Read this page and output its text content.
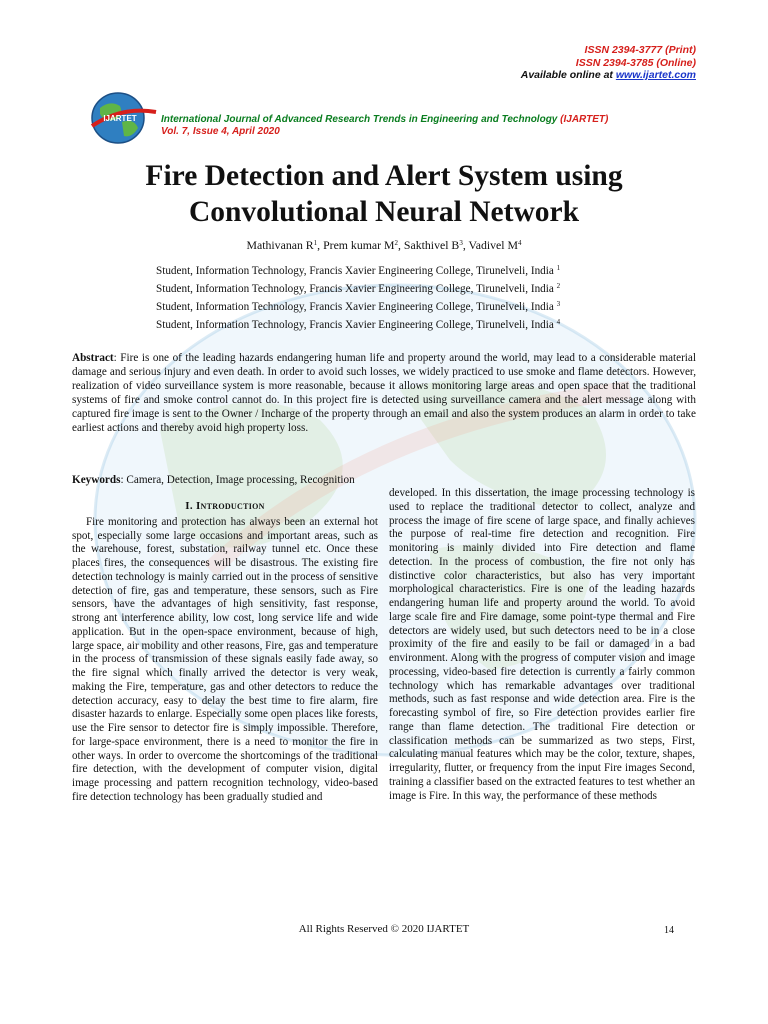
ISSN 2394-3777 (Print)
ISSN 2394-3785 (Online)
Available online at www.ijartet.com
IJARTET International Journal of Advanced Research Trends in Engineering and Technology (IJARTET)
Vol. 7, Issue 4, April 2020
Fire Detection and Alert System using
Convolutional Neural Network
Mathivanan $R^1$, Prem kumar $M^2$, Sakthivel $B^3$, Vadivel $M^4$
Student, Information Technology, Francis Xavier Engineering College, Tirunelveli, India $^1$
Student, Information Technology, Francis Xavier Engineering College, Tirunelveli, India $^2$
Student, Information Technology, Francis Xavier Engineering College, Tirunelveli, India $^3$
Student, Information Technology, Francis Xavier Engineering College, Tirunelveli, India $^4$
Abstract: Fire is one of the leading hazards endangering human life and property around the world, may lead to a considerable material damage and serious injury and even death. In order to avoid such losses, we widely practiced to use smoke and flame detectors. However, realization of video surveillance system is more reasonable, because it allows monitoring large areas and open space that the traditional systems of fire and smoke control cannot do. In this project fire is detected using surveillance camera and the alert message along with captured fire image is sent to the Owner / Incharge of the property through an email and also the system produces an alarm in order to take earliest actions and thereby avoid high property loss.
Keywords: Camera, Detection, Image processing, Recognition
I. Introduction

Fire monitoring and protection has always been an external hot spot, especially some large occasions and important areas, such as the warehouse, forest, substation, railway tunnel etc. Once these places fires, the consequences will be disastrous. The existing fire detection technology is mainly carried out in the process of sensitive detection of fire, gas and temperature, these sensors, such as Fire sensors, have the advantages of high sensitivity, fast response, strong ant interference ability, low cost, long service life and wide application. But in the open-space environment, because of high, large space, air mobility and other reasons, Fire, gas and temperature in the process of transmission of these signals easily fade away, so the fire signal which finally arrived the detector is very weak, making the Fire, temperature, gas and other detectors to reduce the detection accuracy, easy to delay the best time to fire alarm, fire disaster hazards to enlarge. Especially some open places like forests, use the Fire sensor to detector fire is simply impossible. Therefore, for large-space environment, there is a need to monitor the fire in other ways. In order to overcome the shortcomings of the traditional fire detection, with the development of computer vision, digital image processing and pattern recognition technology, video-based fire detection technology has been gradually studied and

developed. In this dissertation, the image processing technology is used to replace the traditional detector to collect, analyze and process the image of fire scene of large space, and finally achieves the purpose of real-time fire detection and recognition. Fire monitoring is mainly divided into Fire detection and flame detection. In the process of combustion, the fire not only has distinctive color characteristics, but also has very important morphological characteristics. Fire is one of the leading hazards endangering human life and property around the world. To avoid large scale fire and Fire damage, some point-type thermal and Fire detectors are widely used, but such detectors need to be in a close proximity of the fire and easily to be fail or damaged in a bad environment. Along with the progress of computer vision and image processing, video-based fire detection is currently a fairly common technology which has remarkable advantages over traditional methods, such as fast response and wide detection area. Fire is the forecasting symbol of fire, so Fire detection provides earlier fire range than flame detection. The traditional Fire detection or classification methods can be summarized as two steps, First, calculating manual features which may be the color, texture, shapes, irregularity, flutter, or frequency from the input Fire images Second, training a classifier based on the extracted features to test whether an image is Fire. In this way, the performance of these methods

All Rights Reserved © 2020 IJARTET	14
